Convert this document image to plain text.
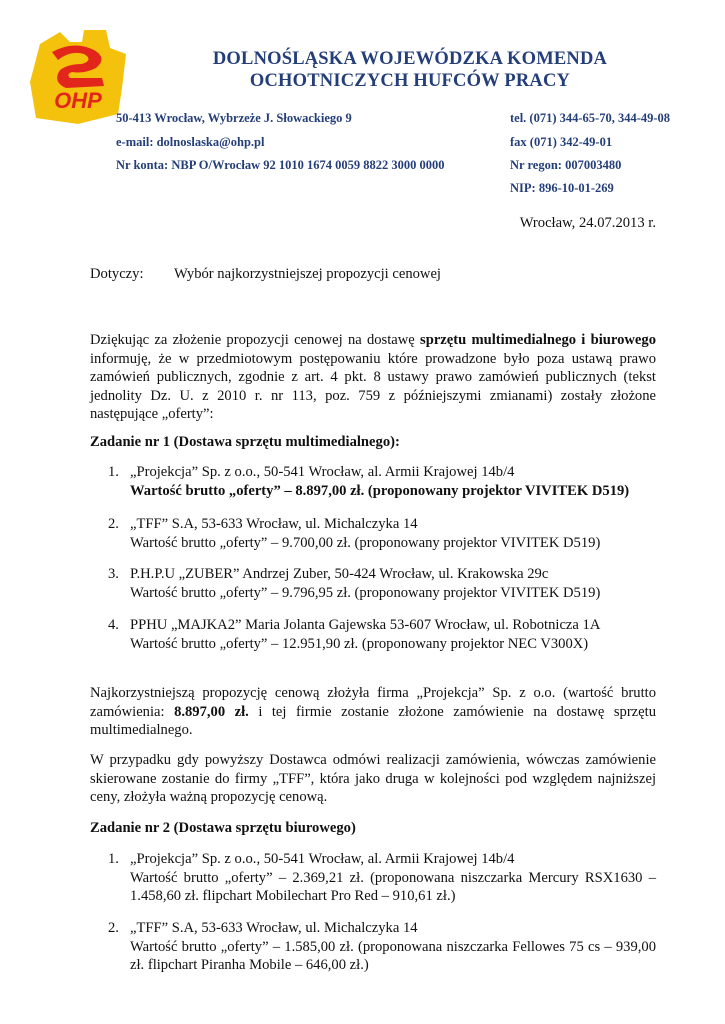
OHP
DOLNOŚLĄSKA WOJEWÓDZKA KOMENDA
OCHOTNICZYCH HUFCÓW PRACY
50-413 Wrocław, Wybrzeże J. Słowackiego 9
e-mail: dolnoslaska@ohp.pl
Nr konta: NBP O/Wrocław 92 1010 1674 0059 8822 3000 0000
tel. (071) 344-65-70, 344-49-08
fax (071) 342-49-01
Nr regon: 007003480
NIP: 896-10-01-269
Wrocław, 24.07.2013 r.
Dotyczy: Wybór najkorzystniejszej propozycji cenowej
Dziękując za złożenie propozycji cenowej na dostawę sprzętu multimedialnego i biurowego informuję, że w przedmiotowym postępowaniu które prowadzone było poza ustawą prawo zamówień publicznych, zgodnie z art. 4 pkt. 8 ustawy prawo zamówień publicznych (tekst jednolity Dz. U. z 2010 r. nr 113, poz. 759 z późniejszymi zmianami) zostały złożone następujące „oferty”:
Zadanie nr 1 (Dostawa sprzętu multimedialnego):
1. „Projekcja” Sp. z o.o., 50-541 Wrocław, al. Armii Krajowej 14b/4
Wartość brutto „oferty” – 8.897,00 zł. (proponowany projektor VIVITEK D519)
2. „TFF” S.A, 53-633 Wrocław, ul. Michalczyka 14
Wartość brutto „oferty” – 9.700,00 zł. (proponowany projektor VIVITEK D519)
3. P.H.P.U „ZUBER” Andrzej Zuber, 50-424 Wrocław, ul. Krakowska 29c
Wartość brutto „oferty” – 9.796,95 zł. (proponowany projektor VIVITEK D519)
4. PPHU „MAJKA2” Maria Jolanta Gajewska 53-607 Wrocław, ul. Robotnicza 1A
Wartość brutto „oferty” – 12.951,90 zł. (proponowany projektor NEC V300X)
Najkorzystniejszą propozycję cenową złożyła firma „Projekcja” Sp. z o.o. (wartość brutto zamówienia: 8.897,00 zł. i tej firmie zostanie złożone zamówienie na dostawę sprzętu multimedialnego.
W przypadku gdy powyższy Dostawca odmówi realizacji zamówienia, wówczas zamówienie skierowane zostanie do firmy „TFF”, która jako druga w kolejności pod względem najniższej ceny, złożyła ważną propozycję cenową.
Zadanie nr 2 (Dostawa sprzętu biurowego)
1. „Projekcja” Sp. z o.o., 50-541 Wrocław, al. Armii Krajowej 14b/4
Wartość brutto „oferty” – 2.369,21 zł. (proponowana niszczarka Mercury RSX1630 – 1.458,60 zł. flipchart Mobilechart Pro Red – 910,61 zł.)
2. „TFF” S.A, 53-633 Wrocław, ul. Michalczyka 14
Wartość brutto „oferty” – 1.585,00 zł. (proponowana niszczarka Fellowes 75 cs – 939,00 zł. flipchart Piranha Mobile – 646,00 zł.)
